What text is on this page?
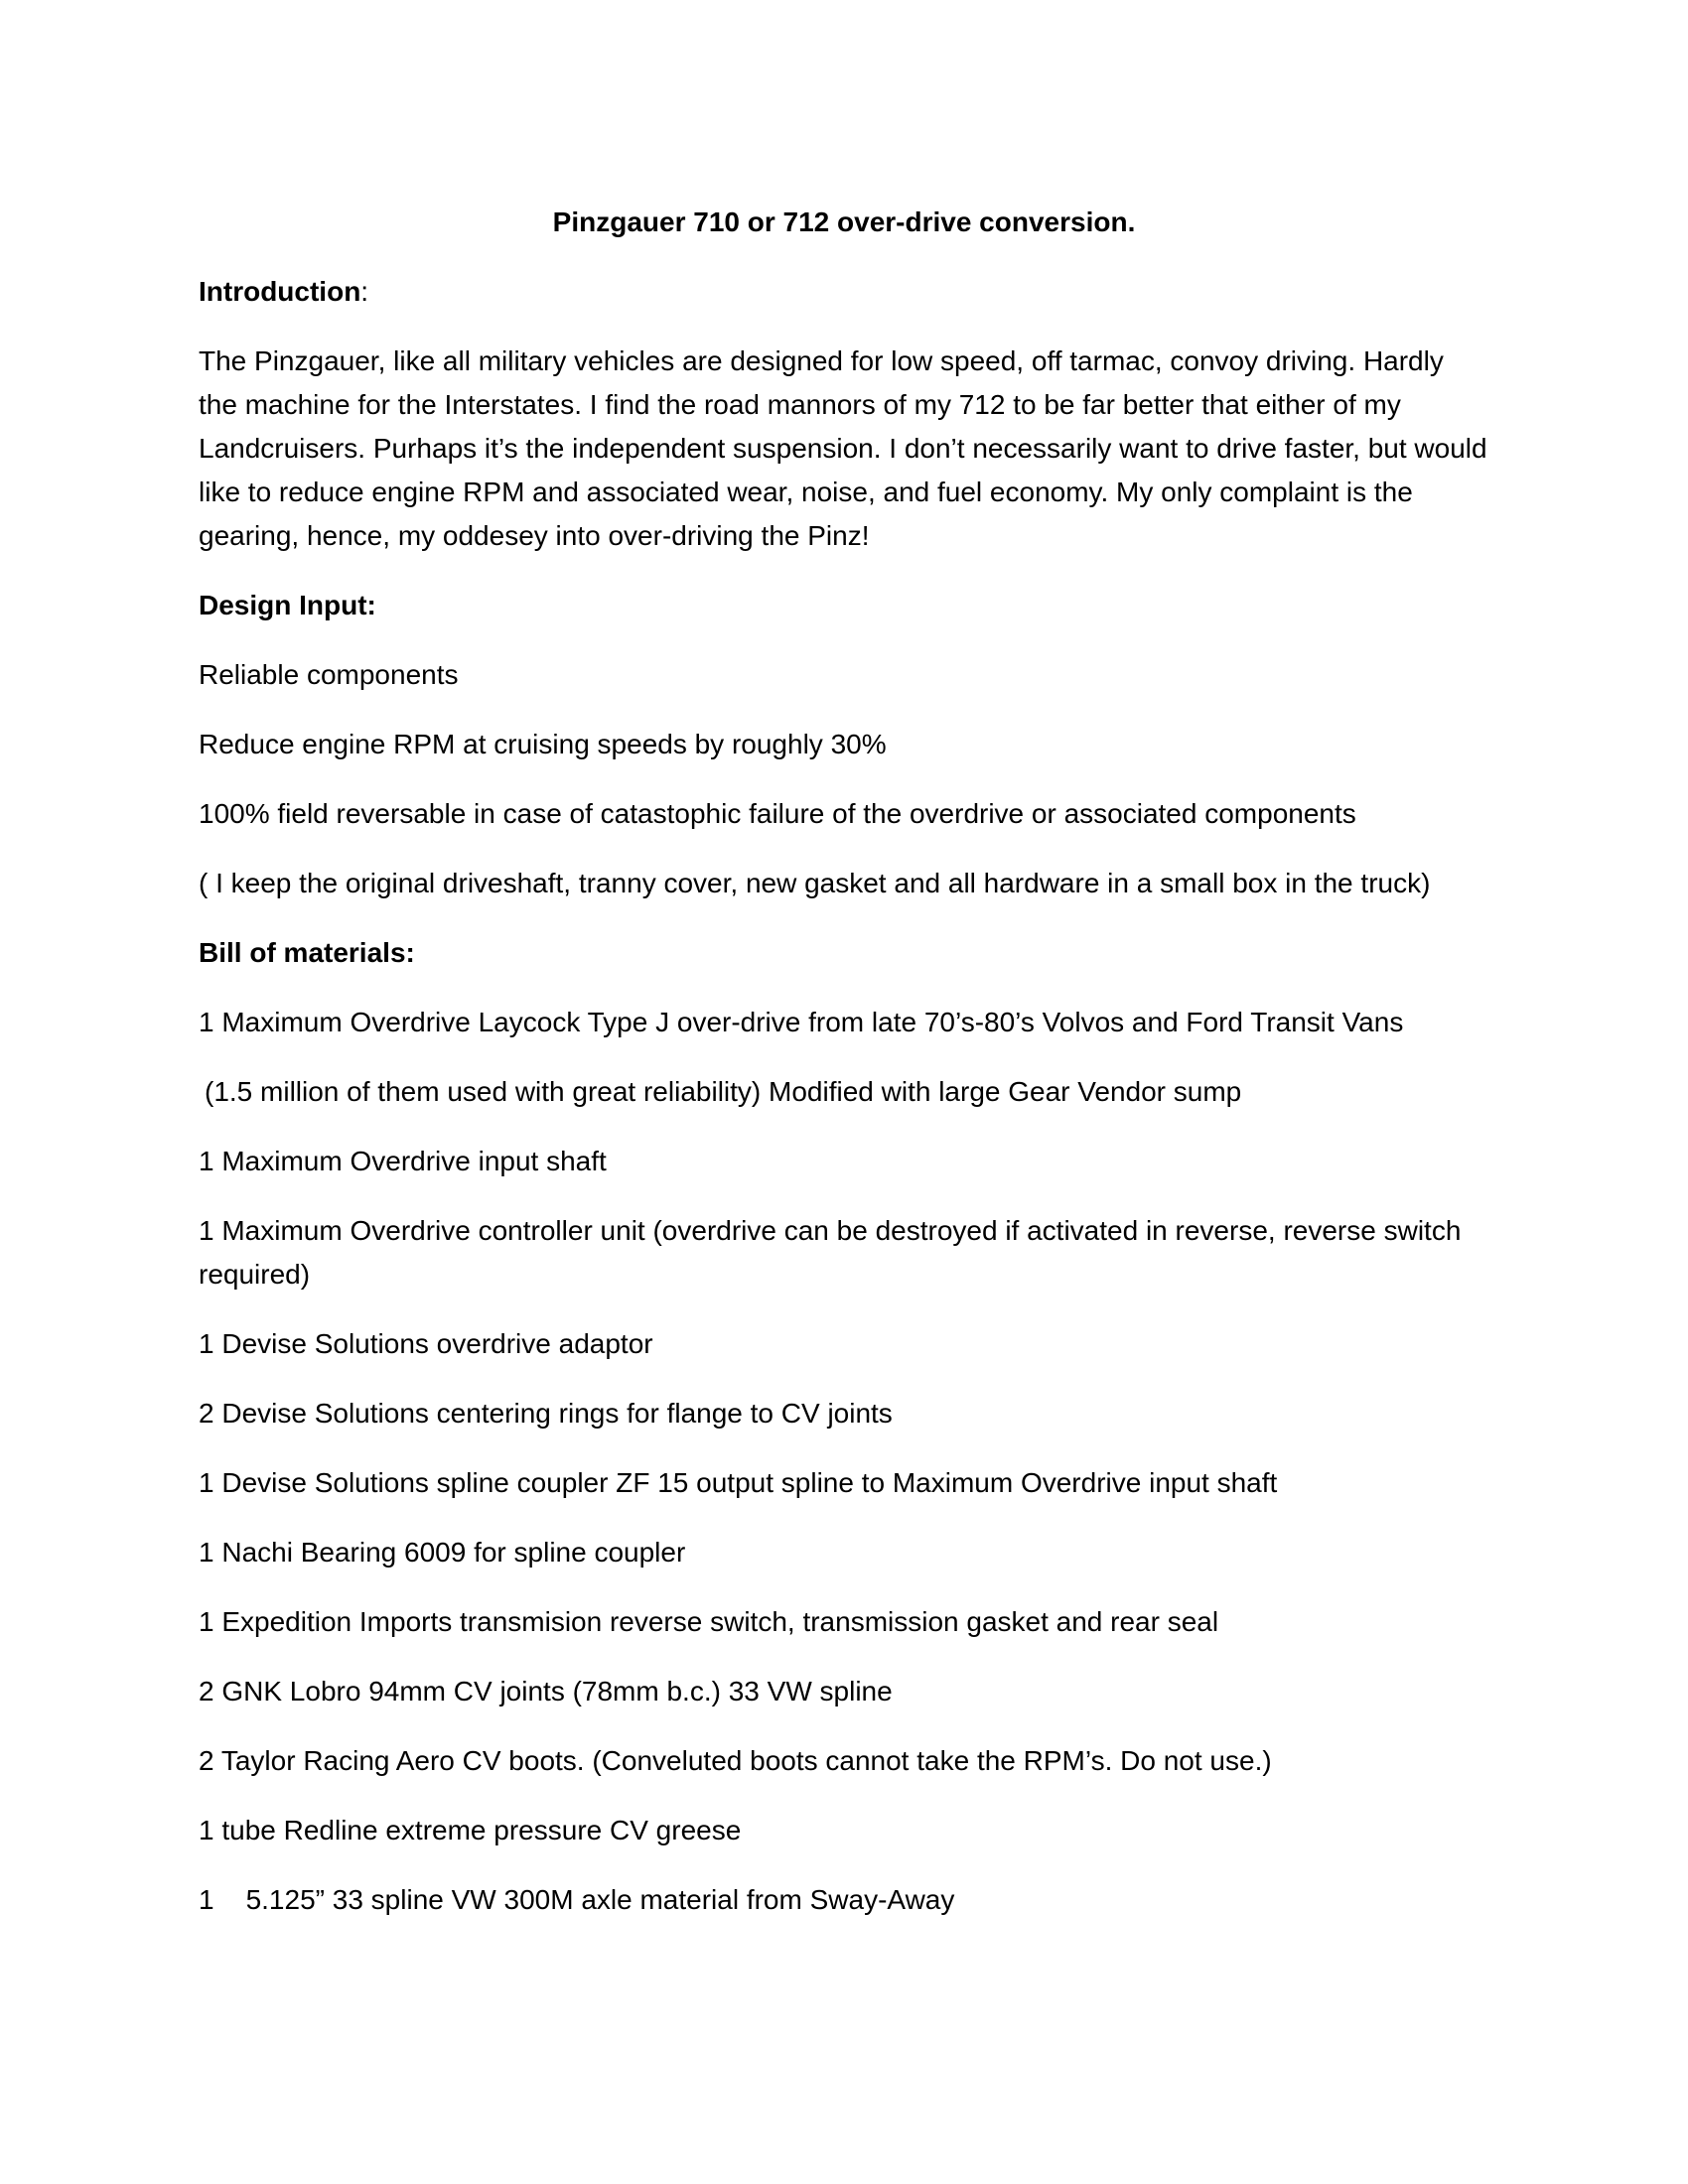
Pinzgauer 710 or 712 over-drive conversion.
Introduction:
The Pinzgauer, like all military vehicles are designed for low speed, off tarmac, convoy driving. Hardly the machine for the Interstates. I find the road mannors of my 712 to be far better that either of my Landcruisers. Purhaps it’s the independent suspension. I don’t necessarily want to drive faster, but would like to reduce engine RPM and associated wear, noise, and fuel economy. My only complaint is the gearing, hence, my oddesey into over-driving the Pinz!
Design Input:
Reliable components
Reduce engine RPM at cruising speeds by roughly 30%
100% field reversable in case of catastophic failure of the overdrive or associated components
( I keep the original driveshaft, tranny cover, new gasket and all hardware in a small box in the truck)
Bill of materials:
1 Maximum Overdrive Laycock Type J over-drive from late 70’s-80’s Volvos and Ford Transit Vans
(1.5 million of them used with great reliability) Modified with large Gear Vendor sump
1 Maximum Overdrive input shaft
1 Maximum Overdrive controller unit (overdrive can be destroyed if activated in reverse, reverse switch required)
1 Devise Solutions overdrive adaptor
2 Devise Solutions centering rings for flange to CV joints
1 Devise Solutions spline coupler ZF 15 output spline to Maximum Overdrive input shaft
1 Nachi Bearing 6009 for spline coupler
1 Expedition Imports transmision reverse switch, transmission gasket and rear seal
2 GNK Lobro 94mm CV joints (78mm b.c.) 33 VW spline
2 Taylor Racing Aero CV boots. (Conveluted boots cannot take the RPM’s. Do not use.)
1 tube Redline extreme pressure CV greese
1 5.125” 33 spline VW 300M axle material from Sway-Away
